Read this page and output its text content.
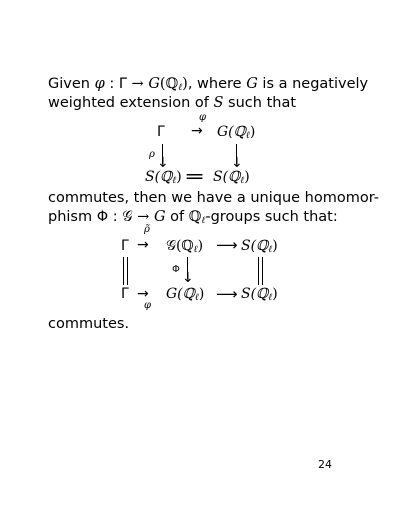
Given φ : Γ → G(ℚ$_\ell$), where G is a negatively
weighted extension of S such that
Γ
φ
→ G(ℚ$_\ell$)
↓
ρ
↓
S(ℚ$_\ell$) = S(ℚ$_\ell$)
commutes, then we have a unique homomor-
phism Φ : 𝒢 → G of ℚ$_\ell$-groups such that:
Γ
ρ̃
→ 𝒢(ℚ$_\ell$) ⟶ S(ℚ$_\ell$)
Φ
↓
Γ →
φ
G(ℚ$_\ell$) ⟶ S(ℚ$_\ell$)
commutes.
24
